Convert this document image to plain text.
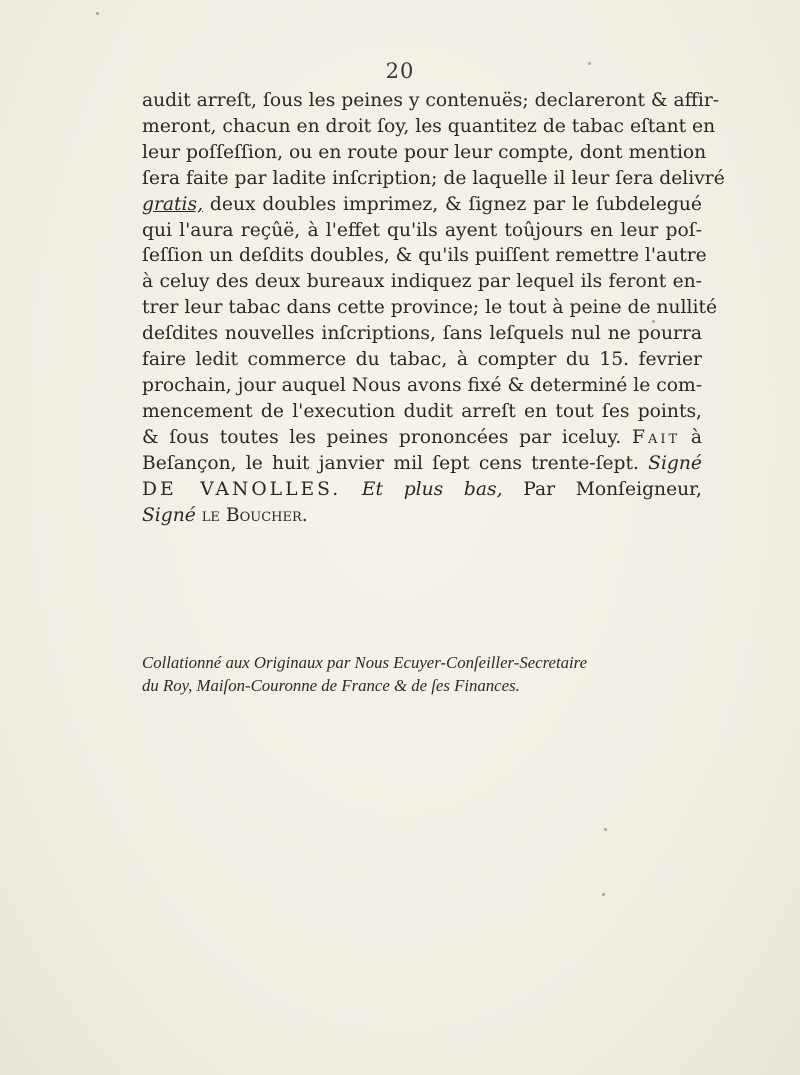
20
audit arreſt, ſous les peines y contenuës; declareront & affir-
meront, chacun en droit ſoy, les quantitez de tabac eſtant en
leur poſſeſſion, ou en route pour leur compte, dont mention
ſera faite par ladite inſcription; de laquelle il leur ſera delivré
gratis, deux doubles imprimez, & ſignez par le ſubdelegué
qui l'aura reçûë, à l'effet qu'ils ayent toûjours en leur poſ-
ſeſſion un deſdits doubles, & qu'ils puiſſent remettre l'autre
à celuy des deux bureaux indiquez par lequel ils feront en-
trer leur tabac dans cette province; le tout à peine de nullité
deſdites nouvelles inſcriptions, ſans leſquels nul ne pourra
faire ledit commerce du tabac, à compter du 15. fevrier
prochain, jour auquel Nous avons fixé & determiné le com-
mencement de l'execution dudit arreſt en tout ſes points,
& ſous toutes les peines prononcées par iceluy. Fait à
Beſançon, le huit janvier mil ſept cens trente-ſept. Signé
DE VANOLLES. Et plus bas, Par Monſeigneur,
Signé le Boucher.
Collationné aux Originaux par Nous Ecuyer-Conſeiller-Secretaire
du Roy, Maiſon-Couronne de France & de ſes Finances.
